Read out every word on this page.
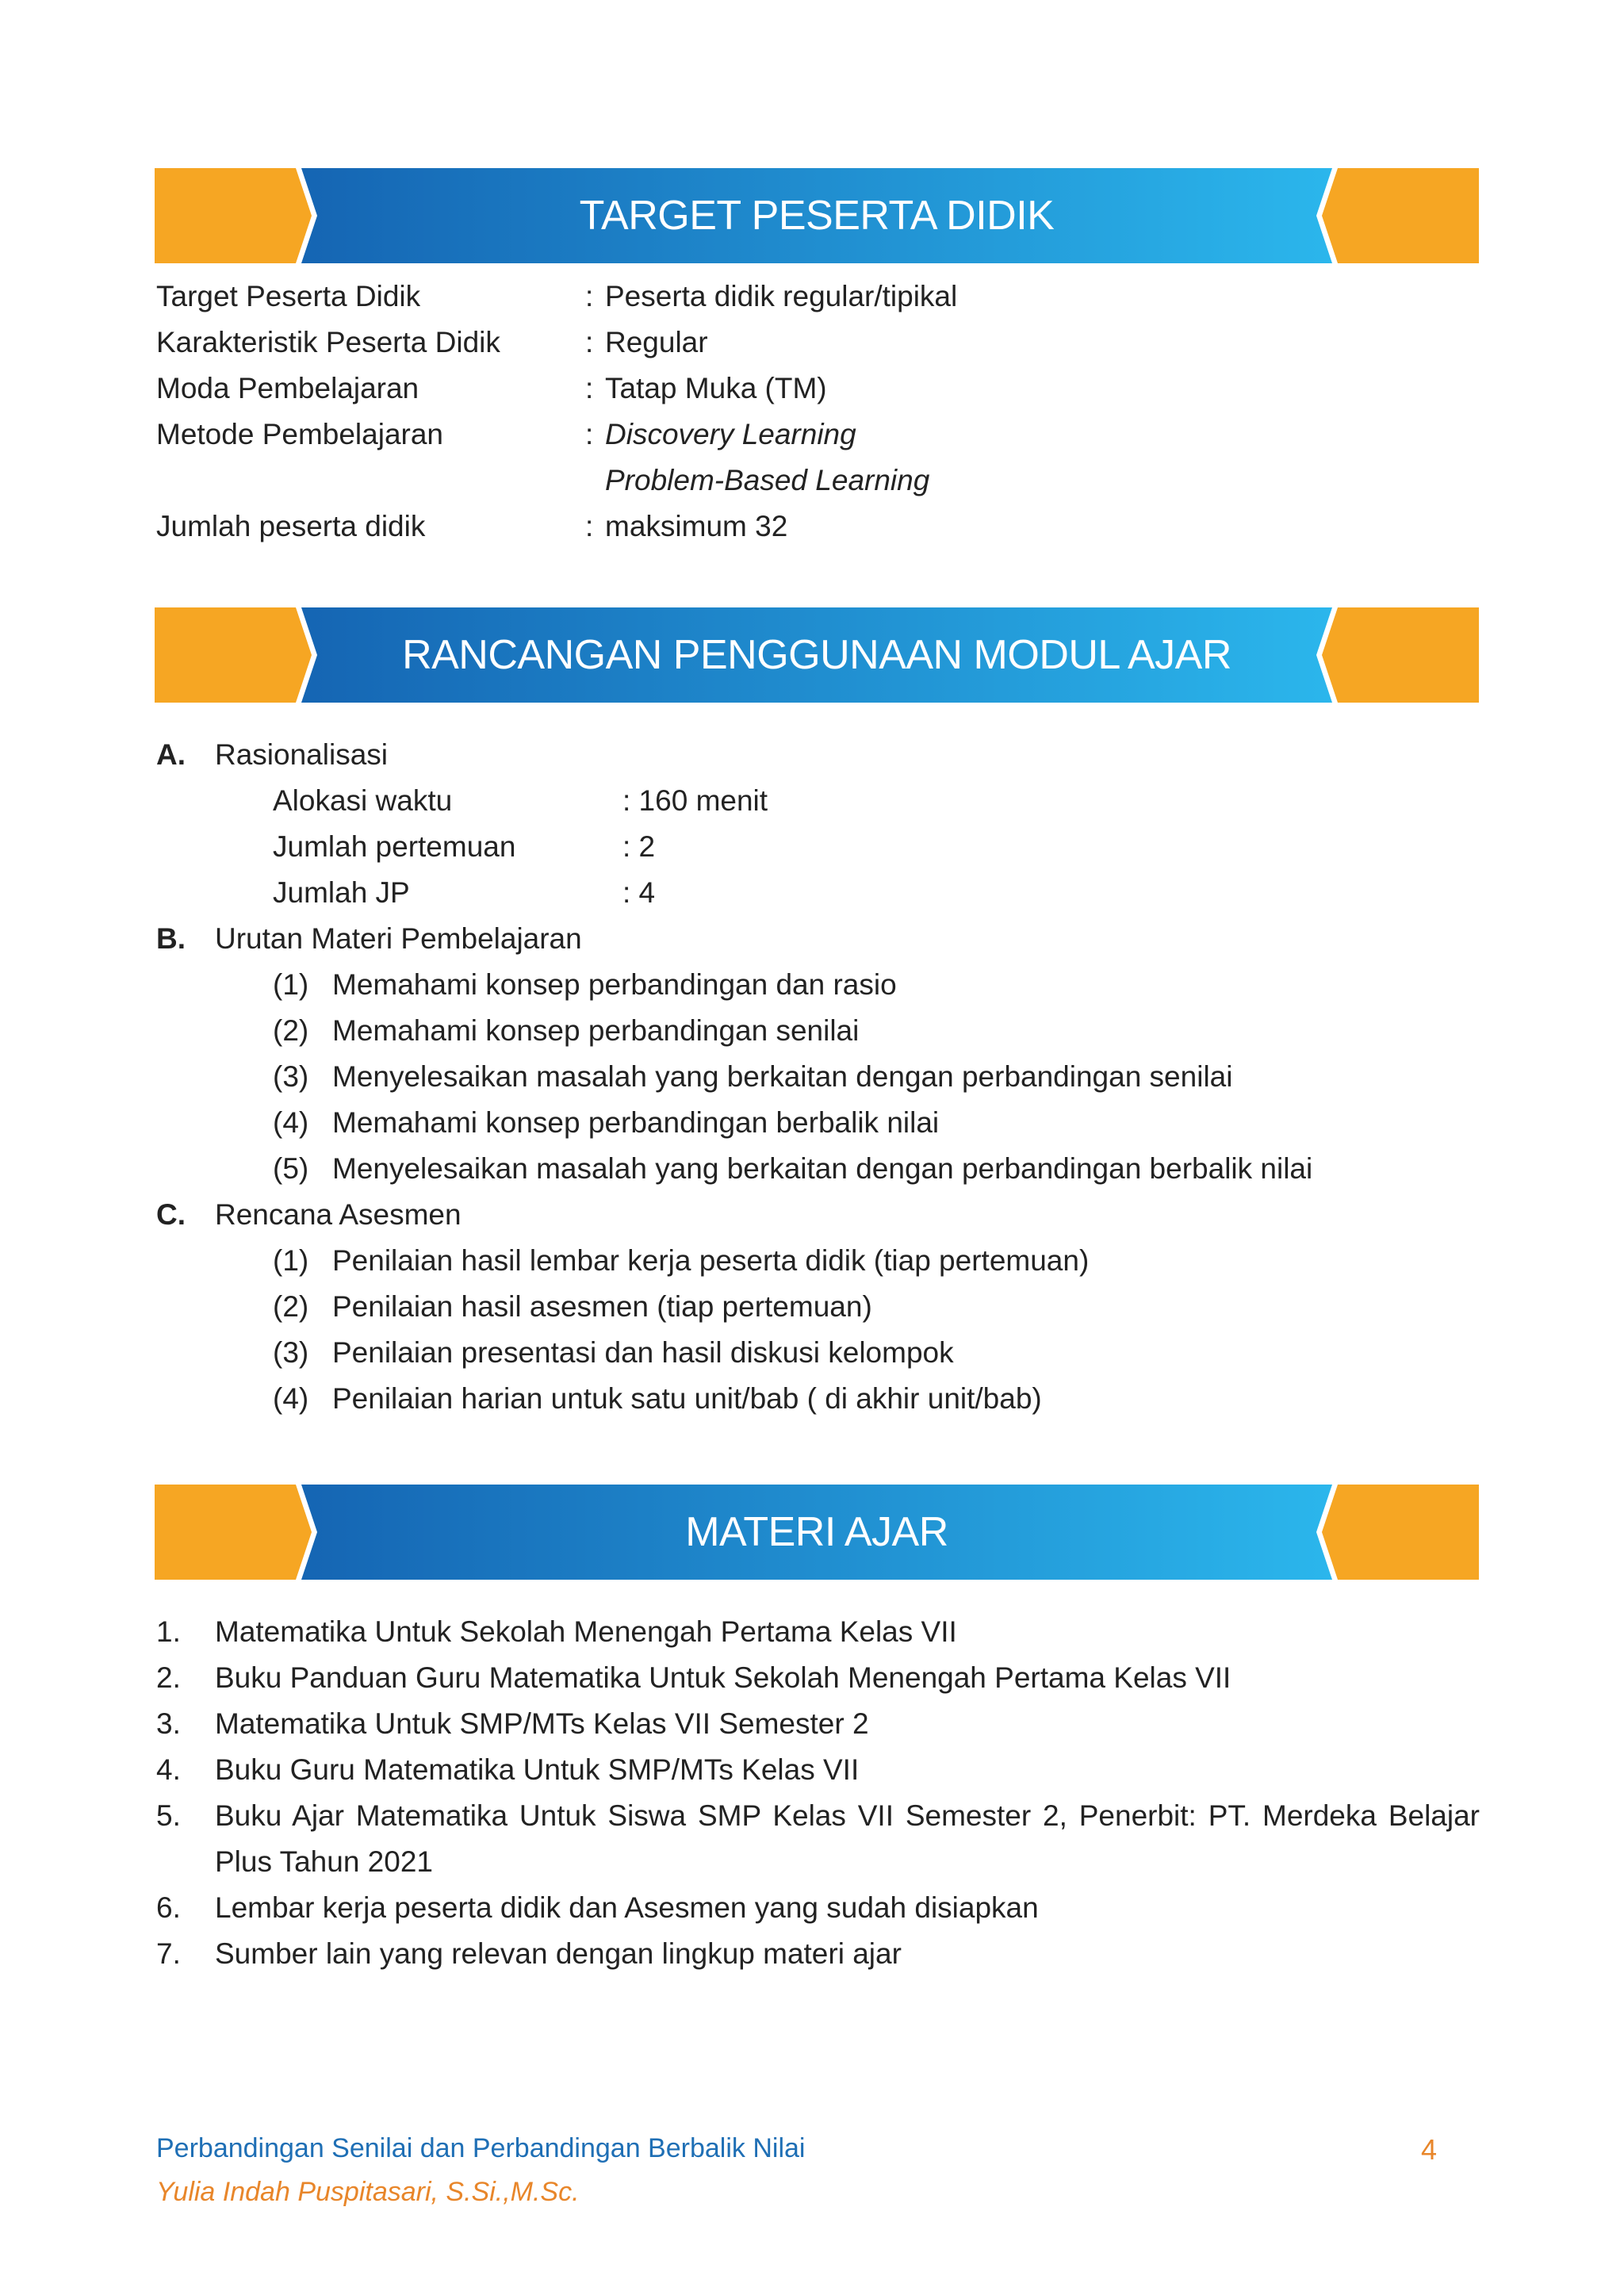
TARGET PESERTA DIDIK
Target Peserta Didik	: Peserta didik regular/tipikal
Karakteristik Peserta Didik	: Regular
Moda Pembelajaran	: Tatap Muka (TM)
Metode Pembelajaran	: Discovery Learning
Problem-Based Learning
Jumlah peserta didik	: maksimum 32
RANCANGAN PENGGUNAAN MODUL AJAR
A. Rasionalisasi
Alokasi waktu	: 160 menit
Jumlah pertemuan	: 2
Jumlah JP	: 4
B. Urutan Materi Pembelajaran
(1) Memahami konsep perbandingan dan rasio
(2) Memahami konsep perbandingan senilai
(3) Menyelesaikan masalah yang berkaitan dengan perbandingan senilai
(4) Memahami konsep perbandingan berbalik nilai
(5) Menyelesaikan masalah yang berkaitan dengan perbandingan berbalik nilai
C. Rencana Asesmen
(1) Penilaian hasil lembar kerja peserta didik (tiap pertemuan)
(2) Penilaian hasil asesmen (tiap pertemuan)
(3) Penilaian presentasi dan hasil diskusi kelompok
(4) Penilaian harian untuk satu unit/bab ( di akhir unit/bab)
MATERI AJAR
1. Matematika Untuk Sekolah Menengah Pertama Kelas VII
2. Buku Panduan Guru Matematika Untuk Sekolah Menengah Pertama Kelas VII
3. Matematika Untuk SMP/MTs Kelas VII Semester 2
4. Buku Guru Matematika Untuk SMP/MTs Kelas VII
5. Buku Ajar Matematika Untuk Siswa SMP Kelas VII Semester 2, Penerbit: PT. Merdeka Belajar
Plus Tahun 2021
6. Lembar kerja peserta didik dan Asesmen yang sudah disiapkan
7. Sumber lain yang relevan dengan lingkup materi ajar
Perbandingan Senilai dan Perbandingan Berbalik Nilai
Yulia Indah Puspitasari, S.Si.,M.Sc.
4
